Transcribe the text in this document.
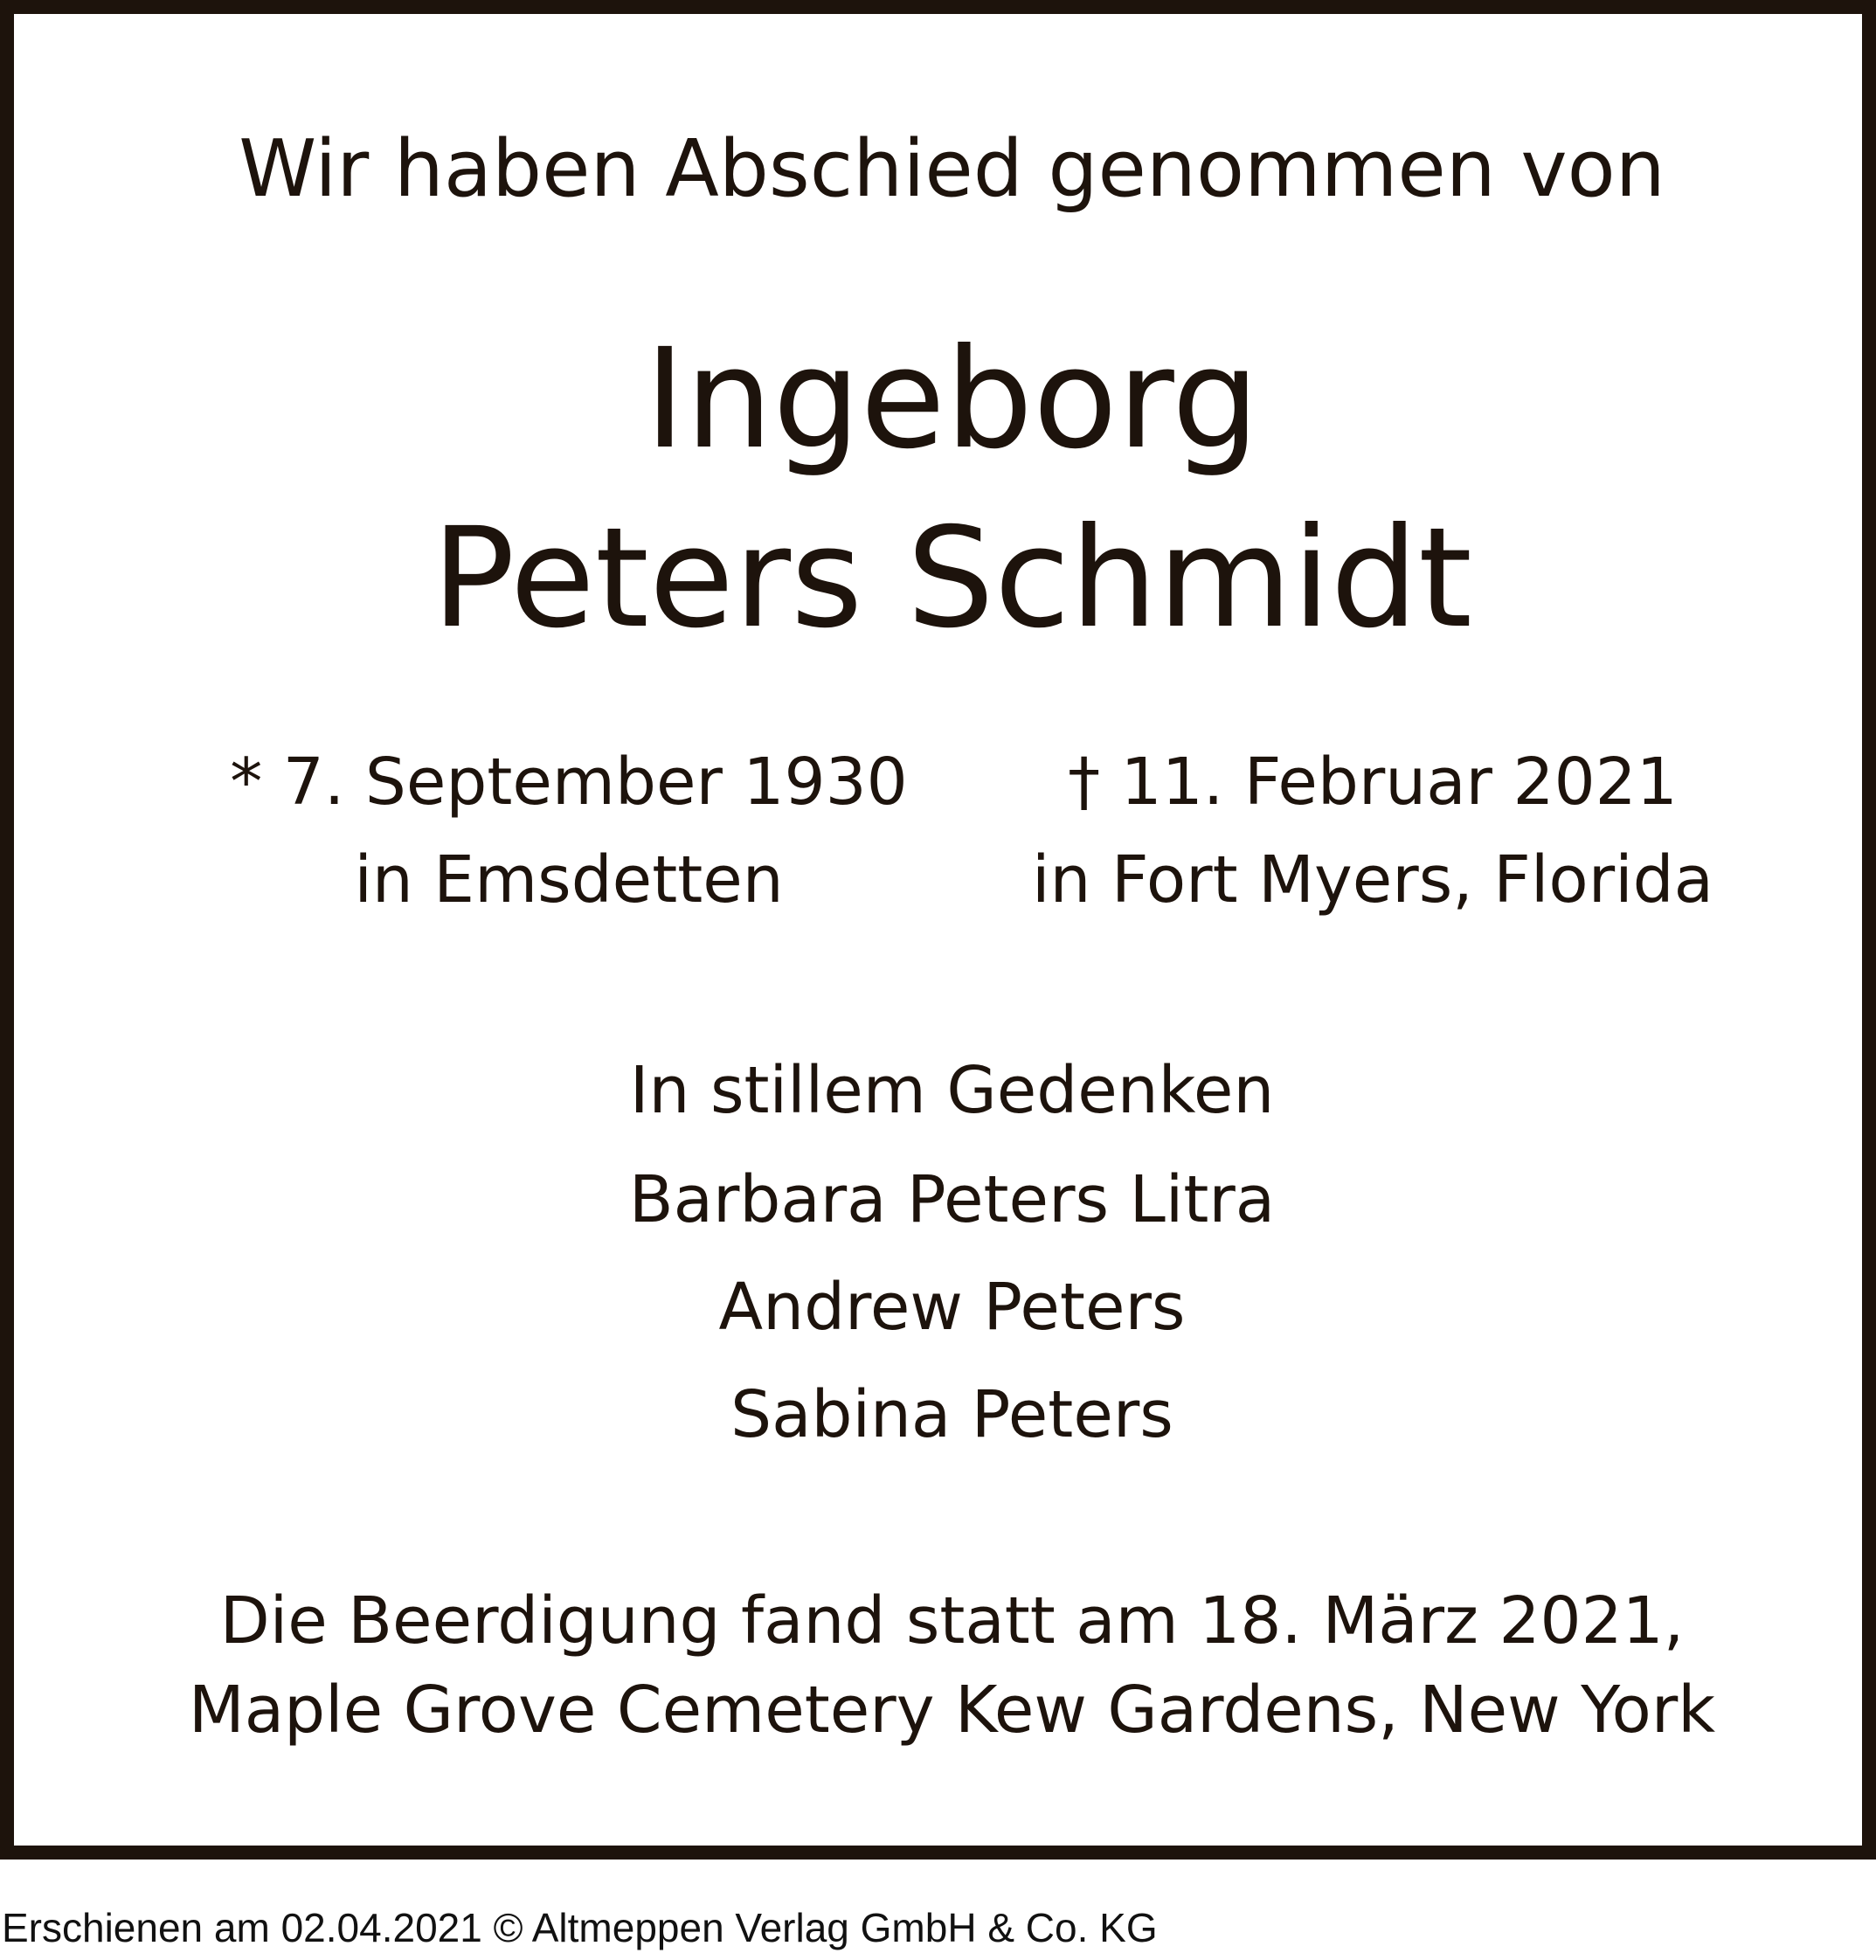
Wir haben Abschied genommen von
Ingeborg
Peters Schmidt
* 7. September 1930
in Emsdetten
† 11. Februar 2021
in Fort Myers, Florida
In stillem Gedenken
Barbara Peters Litra
Andrew Peters
Sabina Peters
Die Beerdigung fand statt am 18. März 2021,
Maple Grove Cemetery Kew Gardens, New York
Erschienen am 02.04.2021 © Altmeppen Verlag GmbH & Co. KG
